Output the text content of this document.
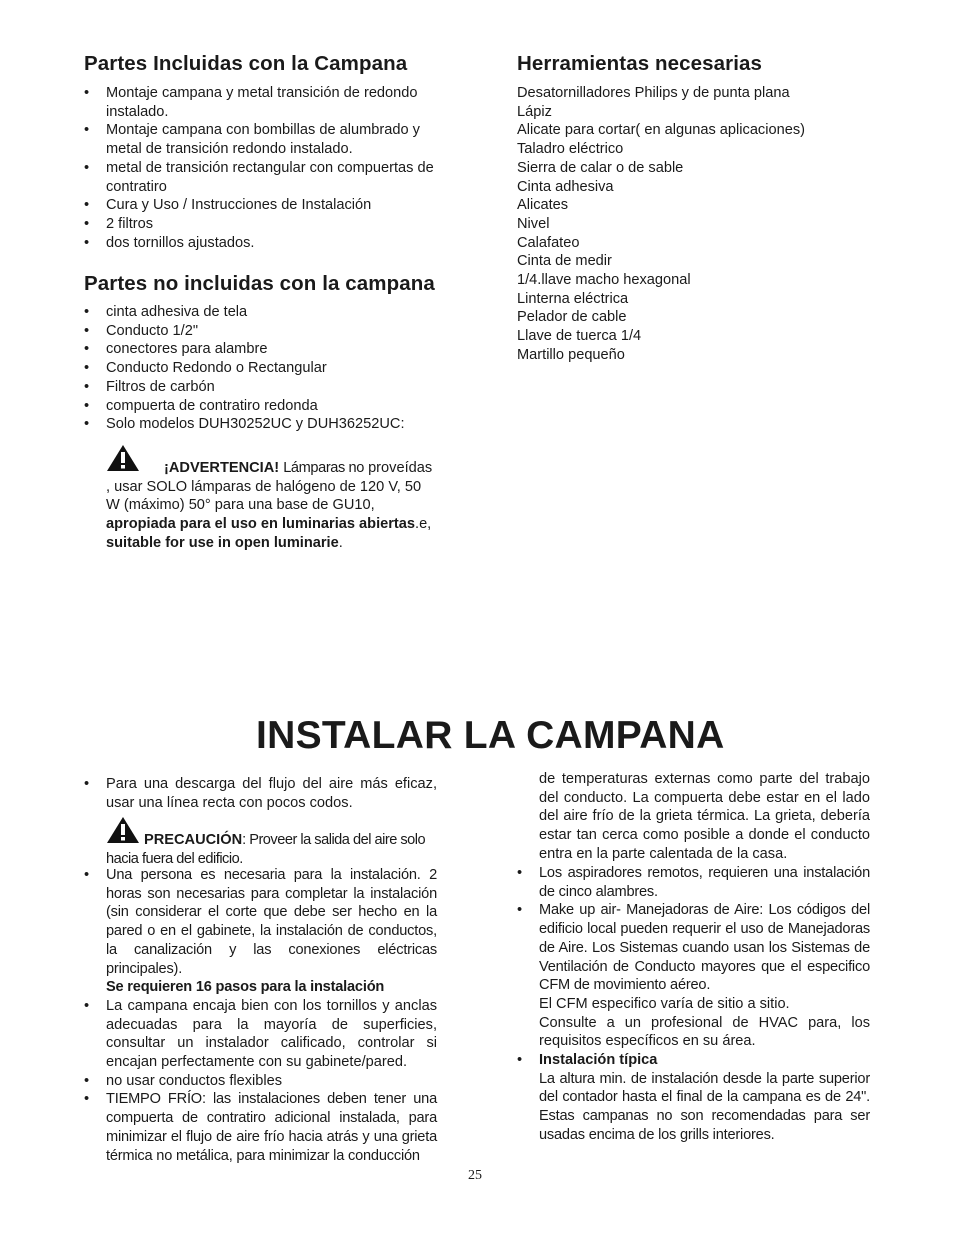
Partes Incluidas con la Campana
• Montaje campana y metal transición de redondo instalado.
• Montaje campana con bombillas de alumbrado y metal de transición redondo instalado.
• metal de transición rectangular con compuertas de contratiro
• Cura y Uso / Instrucciones de Instalación
• 2 filtros
• dos tornillos ajustados.
Partes no incluidas con la campana
• cinta adhesiva de tela
• Conducto 1/2"
• conectores para alambre
• Conducto Redondo o Rectangular
• Filtros de carbón
• compuerta de contratiro redonda
• Solo modelos DUH30252UC y DUH36252UC:
¡ADVERTENCIA! Lámparas no proveídas , usar SOLO lámparas de halógeno de 120 V, 50 W (máximo) 50° para una base de GU10, apropiada para el uso en luminarias abiertas.e, suitable for use in open luminarie.
Herramientas necesarias
Desatornilladores Philips y de punta plana
Lápiz
Alicate para cortar( en algunas aplicaciones)
Taladro eléctrico
Sierra de calar o de sable
Cinta adhesiva
Alicates
Nivel
Calafateo
Cinta de medir
1/4.llave macho hexagonal
Linterna eléctrica
Pelador de cable
Llave de tuerca 1/4
Martillo pequeño
INSTALAR LA CAMPANA
• Para una descarga del flujo del aire más eficaz, usar una línea recta con pocos codos.
PRECAUCIÓN: Proveer la salida del aire solo hacia fuera del edificio.
• Una persona es necesaria para la instalación. 2 horas son necesarias para completar la instalación (sin considerar el corte que debe ser hecho en la pared o en el gabinete, la instalación de conductos, la canalización y las conexiones eléctricas principales).
Se requieren 16 pasos para la instalación
• La campana encaja bien con los tornillos y anclas adecuadas para la mayoría de superficies, consultar un instalador calificado, controlar si encajan perfectamente con su gabinete/pared.
• no usar conductos flexibles
• TIEMPO FRÍO: las instalaciones deben tener una compuerta de contratiro adicional instalada, para minimizar el flujo de aire frío hacia atrás y una grieta térmica no metálica, para minimizar la conducción
de temperaturas externas como parte del trabajo del conducto. La compuerta debe estar en el lado del aire frío de la grieta térmica. La grieta, debería estar tan cerca como posible a donde el conducto entra en la parte calentada de la casa.
• Los aspiradores remotos, requieren una instalación de cinco alambres.
• Make up air- Manejadoras de Aire: Los códigos del edificio local pueden requerir el uso de Manejadoras de Aire. Los Sistemas cuando usan los Sistemas de Ventilación de Conducto mayores que el especifico CFM de movimiento aéreo.
El CFM especifico varía de sitio a sitio.
Consulte a un profesional de HVAC para, los requisitos específicos en su área.
• Instalación típica
La altura min. de instalación desde la parte superior del contador hasta el final de la campana es de 24". Estas campanas no son recomendadas para ser usadas encima de los grills interiores.
25
